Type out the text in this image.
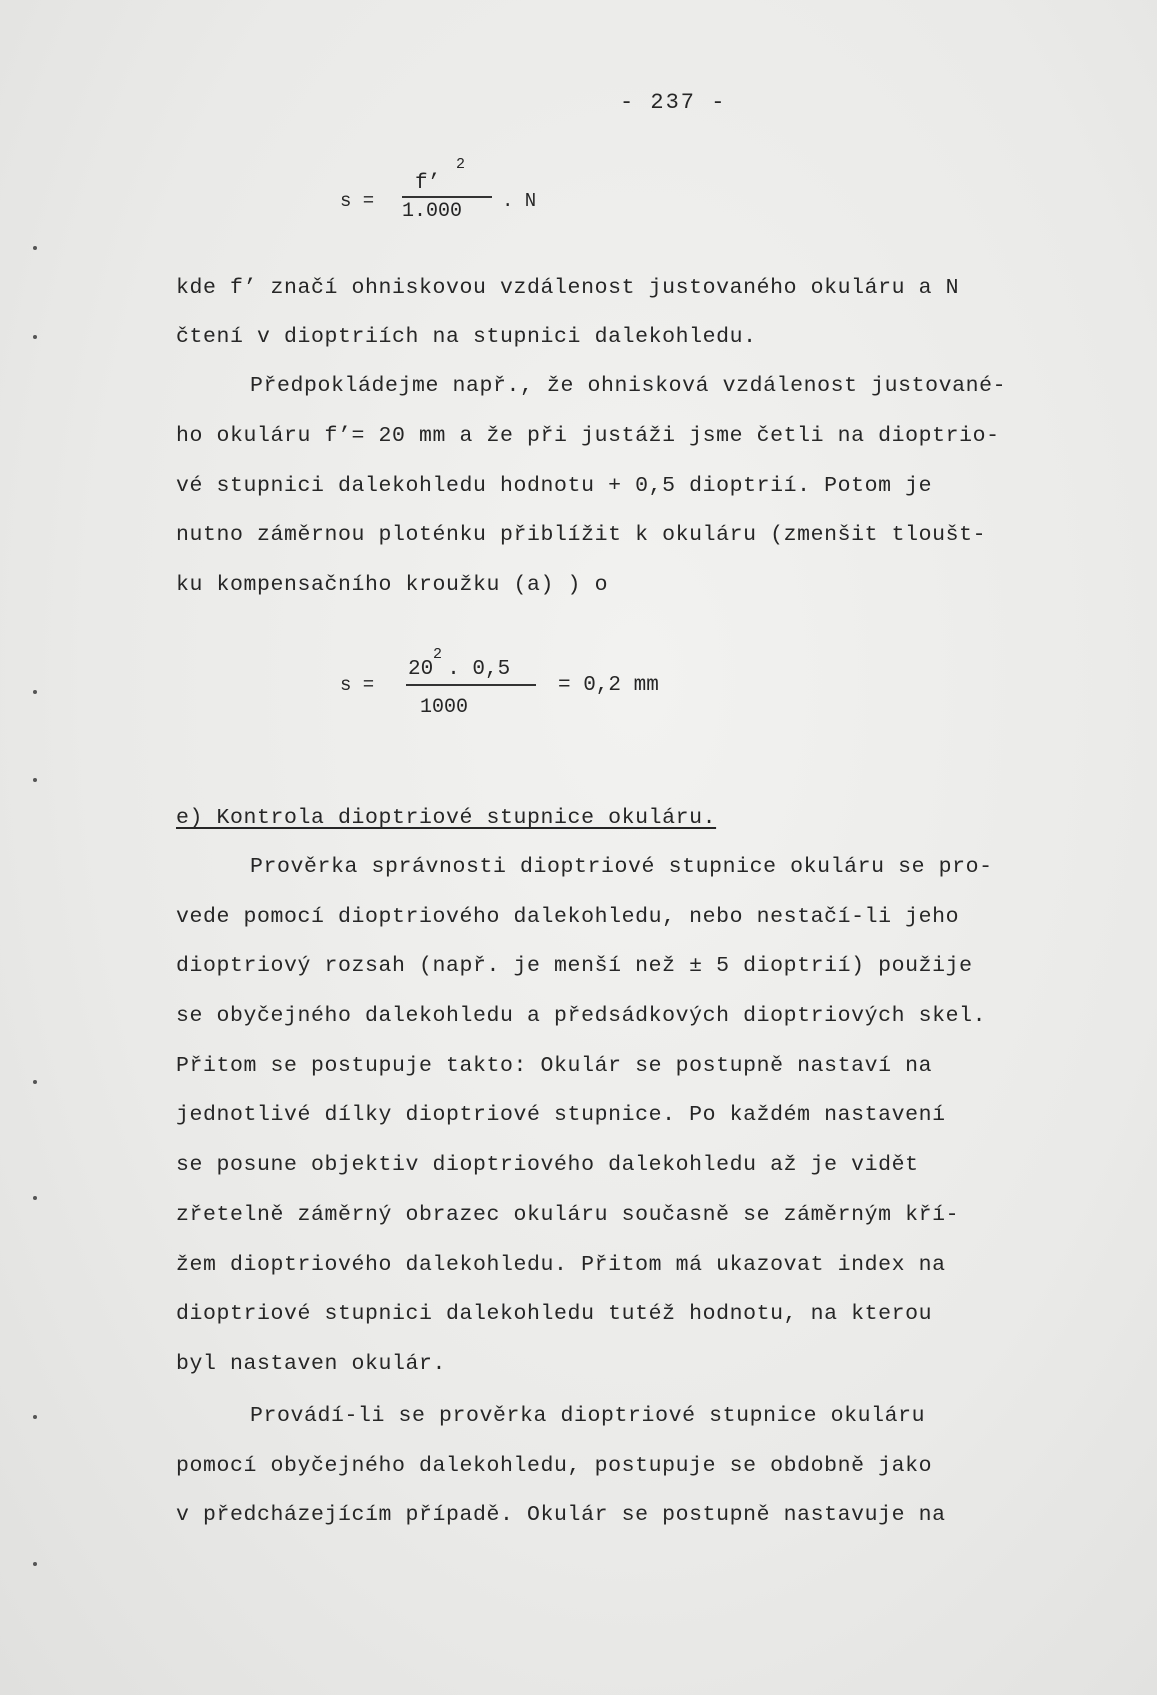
- 237 -
s =
f’
2
1.000 . N
kde f’ značí ohniskovou vzdálenost justovaného okuláru a N
čtení v dioptriích na stupnici dalekohledu.
Předpokládejme např., že ohnisková vzdálenost justované-
ho okuláru f’= 20 mm a že při justáži jsme četli na dioptrio-
vé stupnici dalekohledu hodnotu + 0,5 dioptrií. Potom je
nutno záměrnou ploténku přiblížit k okuláru (zmenšit tloušt-
ku kompensačního kroužku (a) ) o
s =
20 . 0,5
2
1000
= 0,2 mm
e) Kontrola dioptriové stupnice okuláru.
Prověrka správnosti dioptriové stupnice okuláru se pro-
vede pomocí dioptriového dalekohledu, nebo nestačí-li jeho
dioptriový rozsah (např. je menší než ± 5 dioptrií) použije
se obyčejného dalekohledu a předsádkových dioptriových skel.
Přitom se postupuje takto: Okulár se postupně nastaví na
jednotlivé dílky dioptriové stupnice. Po každém nastavení
se posune objektiv dioptriového dalekohledu až je vidět
zřetelně záměrný obrazec okuláru současně se záměrným kří-
žem dioptriového dalekohledu. Přitom má ukazovat index na
dioptriové stupnici dalekohledu tutéž hodnotu, na kterou
byl nastaven okulár.
Provádí-li se prověrka dioptriové stupnice okuláru
pomocí obyčejného dalekohledu, postupuje se obdobně jako
v předcházejícím případě. Okulár se postupně nastavuje na
